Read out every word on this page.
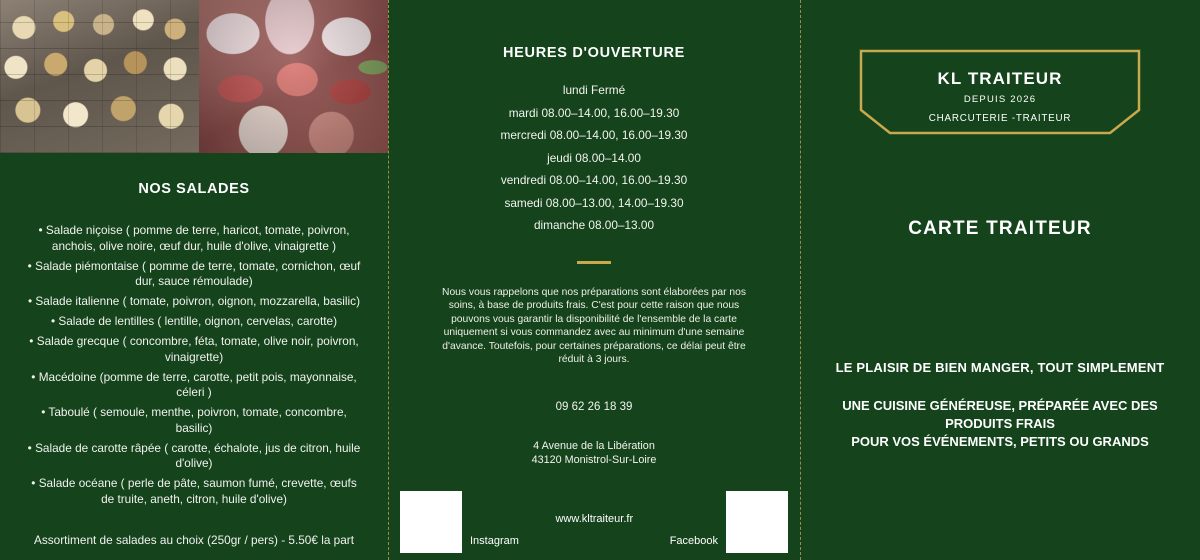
NOS SALADES
• Salade niçoise ( pomme de terre, haricot, tomate, poivron, anchois, olive noire, œuf dur, huile d'olive, vinaigrette )
• Salade piémontaise ( pomme de terre, tomate, cornichon, œuf dur, sauce rémoulade)
• Salade italienne ( tomate, poivron, oignon, mozzarella, basilic)
• Salade de lentilles ( lentille, oignon, cervelas, carotte)
• Salade grecque ( concombre, féta, tomate, olive noir, poivron, vinaigrette)
• Macédoine (pomme de terre, carotte, petit pois, mayonnaise, céleri )
• Taboulé ( semoule, menthe, poivron, tomate, concombre, basilic)
• Salade de carotte râpée ( carotte, échalote, jus de citron, huile d'olive)
• Salade océane ( perle de pâte, saumon fumé, crevette, œufs de truite, aneth, citron, huile d'olive)
Assortiment de salades au choix (250gr / pers) - 5.50€ la part
HEURES D'OUVERTURE
lundi Fermé
mardi 08.00–14.00, 16.00–19.30
mercredi 08.00–14.00, 16.00–19.30
jeudi 08.00–14.00
vendredi 08.00–14.00, 16.00–19.30
samedi 08.00–13.00, 14.00–19.30
dimanche 08.00–13.00
Nous vous rappelons que nos préparations sont élaborées par nos soins, à base de produits frais. C'est pour cette raison que nous pouvons vous garantir la disponibilité de l'ensemble de la carte uniquement si vous commandez avec au minimum d'une semaine d'avance. Toutefois, pour certaines préparations, ce délai peut être réduit à 3 jours.
09 62 26 18 39
4 Avenue de la Libération
43120 Monistrol-Sur-Loire
Instagram
www.kltraiteur.fr
Facebook
KL TRAITEUR
DEPUIS 2026
CHARCUTERIE -TRAITEUR
CARTE TRAITEUR
LE PLAISIR DE BIEN MANGER, TOUT SIMPLEMENT
UNE CUISINE GÉNÉREUSE, PRÉPARÉE AVEC DES PRODUITS FRAIS
POUR VOS ÉVÉNEMENTS, PETITS OU GRANDS
